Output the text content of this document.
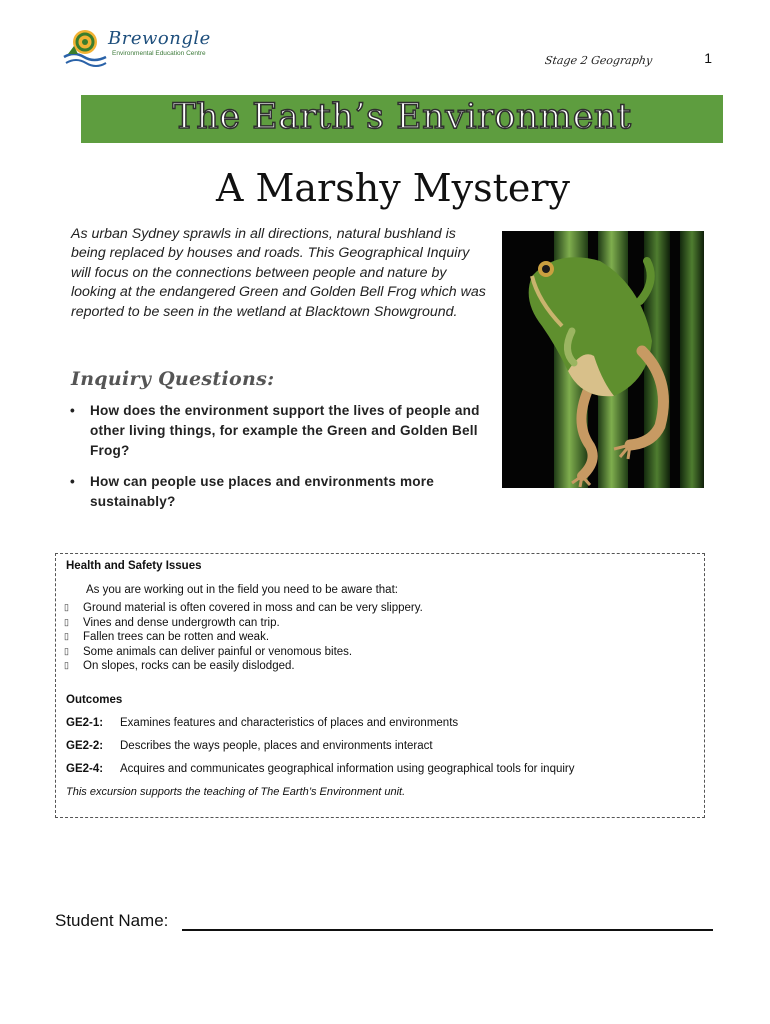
Brewongle
Environmental Education Centre
Stage 2 Geography	1
The Earth’s Environment
A Marshy Mystery
As urban Sydney sprawls in all directions, natural bushland is being replaced by houses and roads. This Geographical Inquiry will focus on the connections between people and nature by looking at the endangered Green and Golden Bell Frog which was reported to be seen in the wetland at Blacktown Showground.
Inquiry Questions:
• How does the environment support the lives of people and other living things, for example the Green and Golden Bell Frog?
• How can people use places and environments more sustainably?
Health and Safety Issues
As you are working out in the field you need to be aware that:
▯ Ground material is often covered in moss and can be very slippery.
▯ Vines and dense undergrowth can trip.
▯ Fallen trees can be rotten and weak.
▯ Some animals can deliver painful or venomous bites.
▯ On slopes, rocks can be easily dislodged.
Outcomes
GE2-1: Examines features and characteristics of places and environments
GE2-2: Describes the ways people, places and environments interact
GE2-4: Acquires and communicates geographical information using geographical tools for inquiry
This excursion supports the teaching of The Earth’s Environment unit.
Student Name:
